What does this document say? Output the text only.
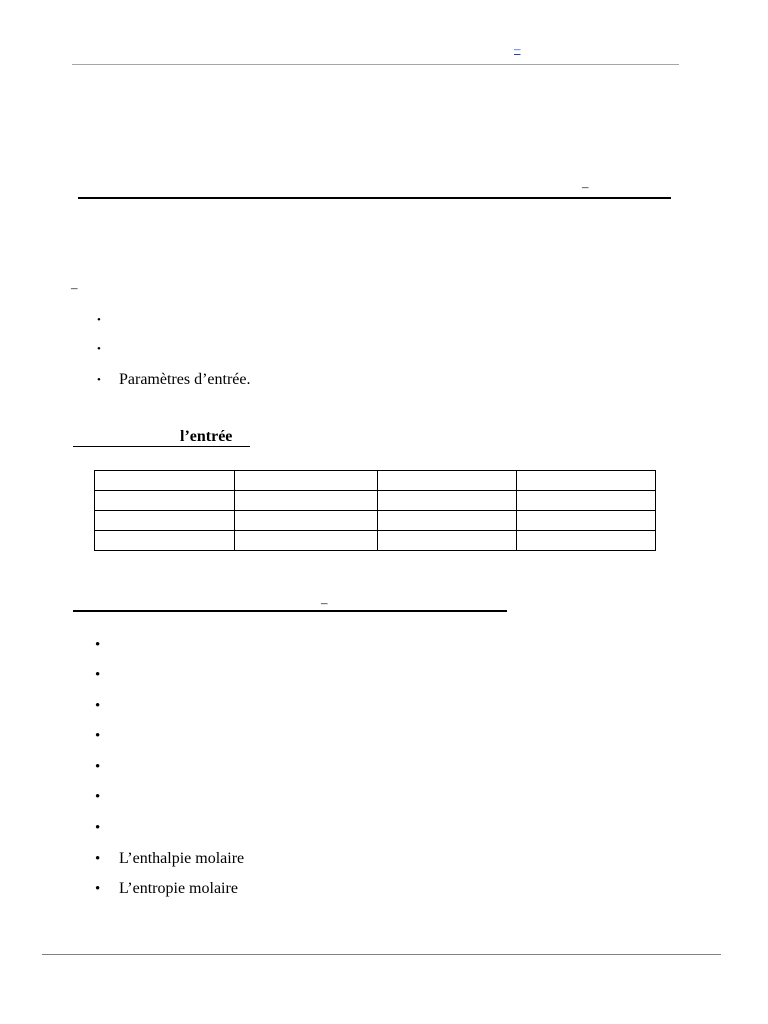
–
–
–
•
•
• Paramètres d’entrée.
l’entrée

–
•
•
•
•
•
•
•
• L’enthalpie molaire
• L’entropie molaire
